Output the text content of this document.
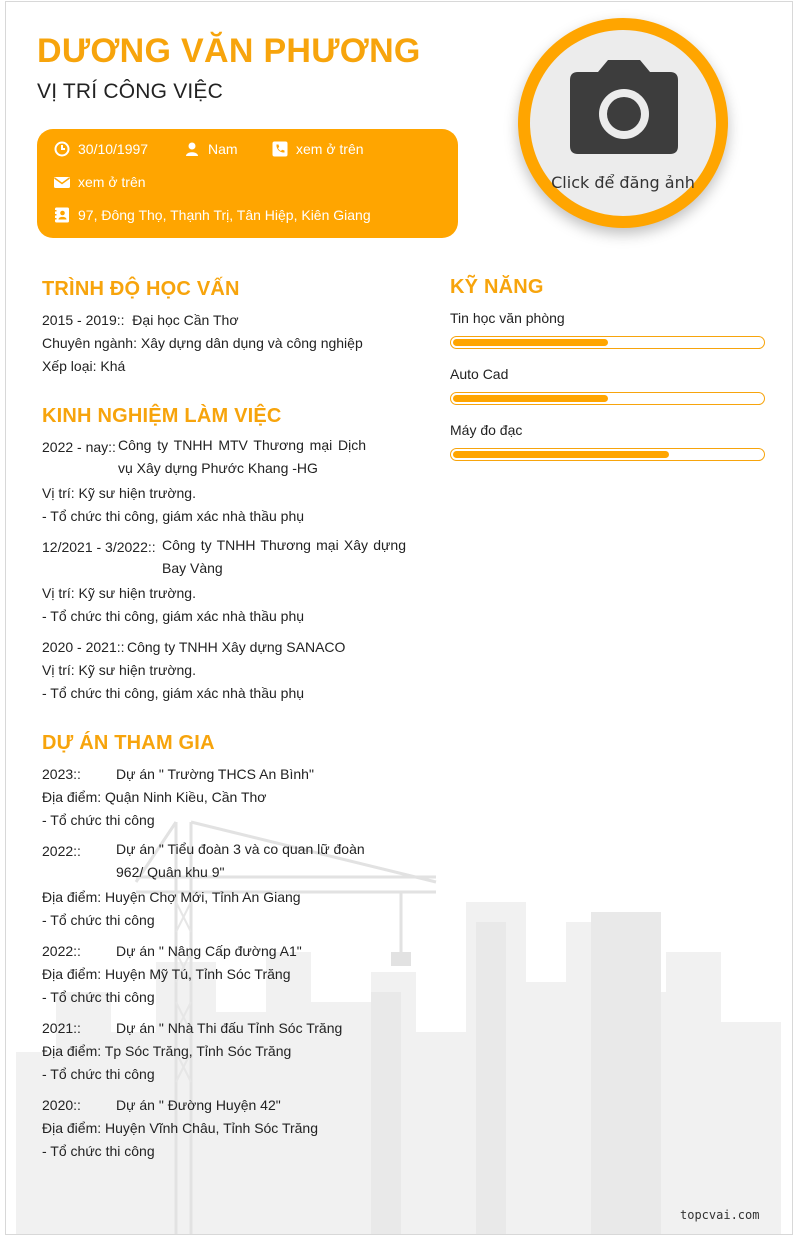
DƯƠNG VĂN PHƯƠNG
VỊ TRÍ CÔNG VIỆC
30/10/1997	Nam	xem ở trên
xem ở trên
97, Đông Thọ, Thạnh Trị, Tân Hiệp, Kiên Giang
Click để đăng ảnh
TRÌNH ĐỘ HỌC VẤN
2015 - 2019:: Đại học Cần Thơ
Chuyên ngành: Xây dựng dân dụng và công nghiệp
Xếp loại: Khá
KINH NGHIỆM LÀM VIỆC
2022 - nay:: Công ty TNHH MTV Thương mại Dịch vụ Xây dựng Phước Khang -HG
Vị trí: Kỹ sư hiện trường.
- Tổ chức thi công, giám xác nhà thầu phụ
12/2021 - 3/2022:: Công ty TNHH Thương mại Xây dựng Bay Vàng
Vị trí: Kỹ sư hiện trường.
- Tổ chức thi công, giám xác nhà thầu phụ
2020 - 2021:: Công ty TNHH Xây dựng SANACO
Vị trí: Kỹ sư hiện trường.
- Tổ chức thi công, giám xác nhà thầu phụ
DỰ ÁN THAM GIA
2023::	Dự án " Trường THCS An Bình"
Địa điểm: Quận Ninh Kiều, Cần Thơ
- Tổ chức thi công
2022::	Dự án " Tiểu đoàn 3 và co quan lữ đoàn 962/ Quân khu 9"
Địa điểm: Huyện Chợ Mới, Tỉnh An Giang
- Tổ chức thi công
2022::	Dự án " Nâng Cấp đường A1"
Địa điểm: Huyện Mỹ Tú, Tỉnh Sóc Trăng
- Tổ chức thi công
2021::	Dự án " Nhà Thi đấu Tỉnh Sóc Trăng
Địa điểm: Tp Sóc Trăng, Tỉnh Sóc Trăng
- Tổ chức thi công
2020::	Dự án " Đường Huyện 42"
Địa điểm: Huyện Vĩnh Châu, Tỉnh Sóc Trăng
- Tổ chức thi công
KỸ NĂNG
Tin học văn phòng
Auto Cad
Máy đo đạc
topcvai.com
